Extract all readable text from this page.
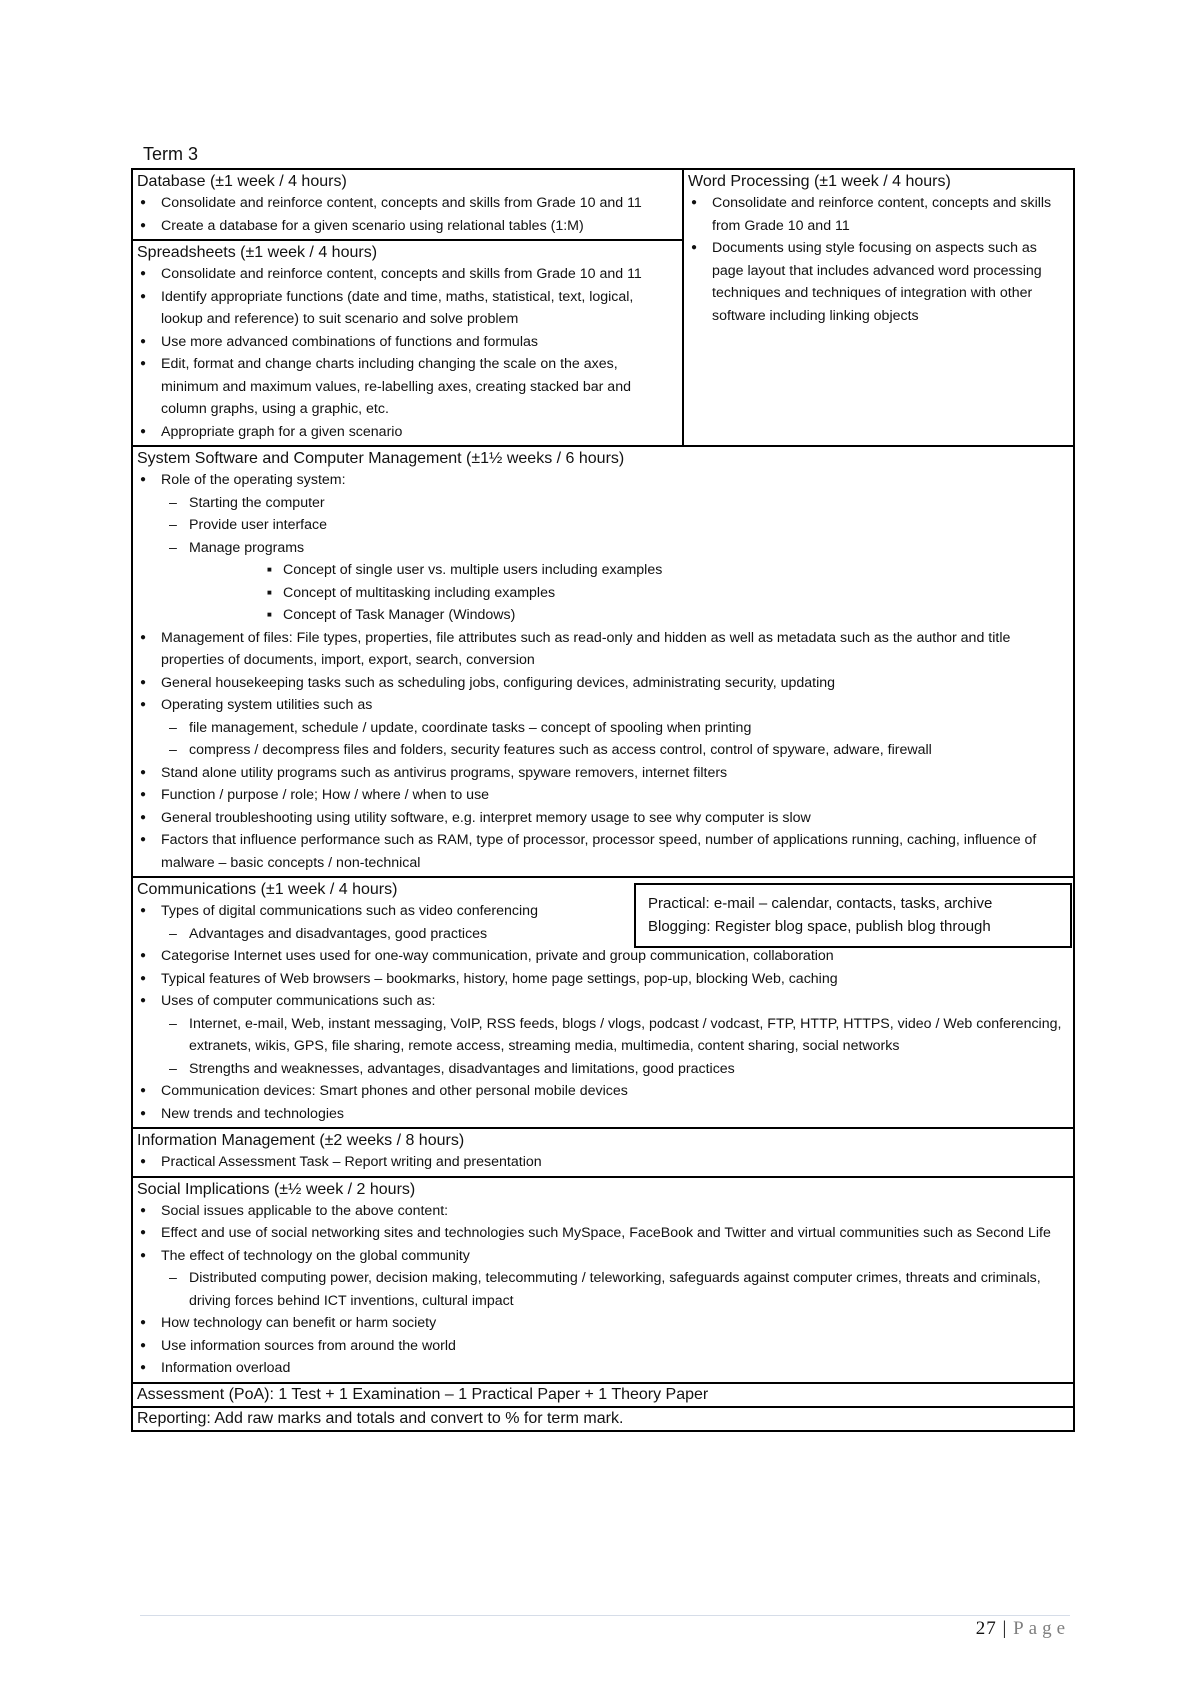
Term 3
Database (±1 week / 4 hours)
● Consolidate and reinforce content, concepts and skills from Grade 10 and 11
● Create a database for a given scenario using relational tables (1:M)
Spreadsheets (±1 week / 4 hours)
● Consolidate and reinforce content, concepts and skills from Grade 10 and 11
● Identify appropriate functions (date and time, maths, statistical, text, logical, lookup and reference) to suit scenario and solve problem
● Use more advanced combinations of functions and formulas
● Edit, format and change charts including changing the scale on the axes, minimum and maximum values, re-labelling axes, creating stacked bar and column graphs, using a graphic, etc.
● Appropriate graph for a given scenario
Word Processing (±1 week / 4 hours)
● Consolidate and reinforce content, concepts and skills from Grade 10 and 11
● Documents using style focusing on aspects such as page layout that includes advanced word processing techniques and techniques of integration with other software including linking objects
System Software and Computer Management (±1½ weeks / 6 hours)
● Role of the operating system:
– Starting the computer
– Provide user interface
– Manage programs
■ Concept of single user vs. multiple users including examples
■ Concept of multitasking including examples
■ Concept of Task Manager (Windows)
● Management of files: File types, properties, file attributes such as read-only and hidden as well as metadata such as the author and title properties of documents, import, export, search, conversion
● General housekeeping tasks such as scheduling jobs, configuring devices, administrating security, updating
● Operating system utilities such as
– file management, schedule / update, coordinate tasks – concept of spooling when printing
– compress / decompress files and folders, security features such as access control, control of spyware, adware, firewall
● Stand alone utility programs such as antivirus programs, spyware removers, internet filters
● Function / purpose / role; How / where / when to use
● General troubleshooting using utility software, e.g. interpret memory usage to see why computer is slow
● Factors that influence performance such as RAM, type of processor, processor speed, number of applications running, caching, influence of malware – basic concepts / non-technical
Practical: e-mail – calendar, contacts, tasks, archive
Blogging: Register blog space, publish blog through
Communications (±1 week / 4 hours)
● Types of digital communications such as video conferencing
– Advantages and disadvantages, good practices
● Categorise Internet uses used for one-way communication, private and group communication, collaboration
● Typical features of Web browsers – bookmarks, history, home page settings, pop-up, blocking Web, caching
● Uses of computer communications such as:
– Internet, e-mail, Web, instant messaging, VoIP, RSS feeds, blogs / vlogs, podcast / vodcast, FTP, HTTP, HTTPS, video / Web conferencing, extranets, wikis, GPS, file sharing, remote access, streaming media, multimedia, content sharing, social networks
– Strengths and weaknesses, advantages, disadvantages and limitations, good practices
● Communication devices: Smart phones and other personal mobile devices
● New trends and technologies
Information Management (±2 weeks / 8 hours)
● Practical Assessment Task – Report writing and presentation
Social Implications (±½ week / 2 hours)
● Social issues applicable to the above content:
● Effect and use of social networking sites and technologies such MySpace, FaceBook and Twitter and virtual communities such as Second Life
● The effect of technology on the global community
– Distributed computing power, decision making, telecommuting / teleworking, safeguards against computer crimes, threats and criminals, driving forces behind ICT inventions, cultural impact
● How technology can benefit or harm society
● Use information sources from around the world
● Information overload
Assessment (PoA): 1 Test + 1 Examination – 1 Practical Paper + 1 Theory Paper
Reporting: Add raw marks and totals and convert to % for term mark.
27 | Page
